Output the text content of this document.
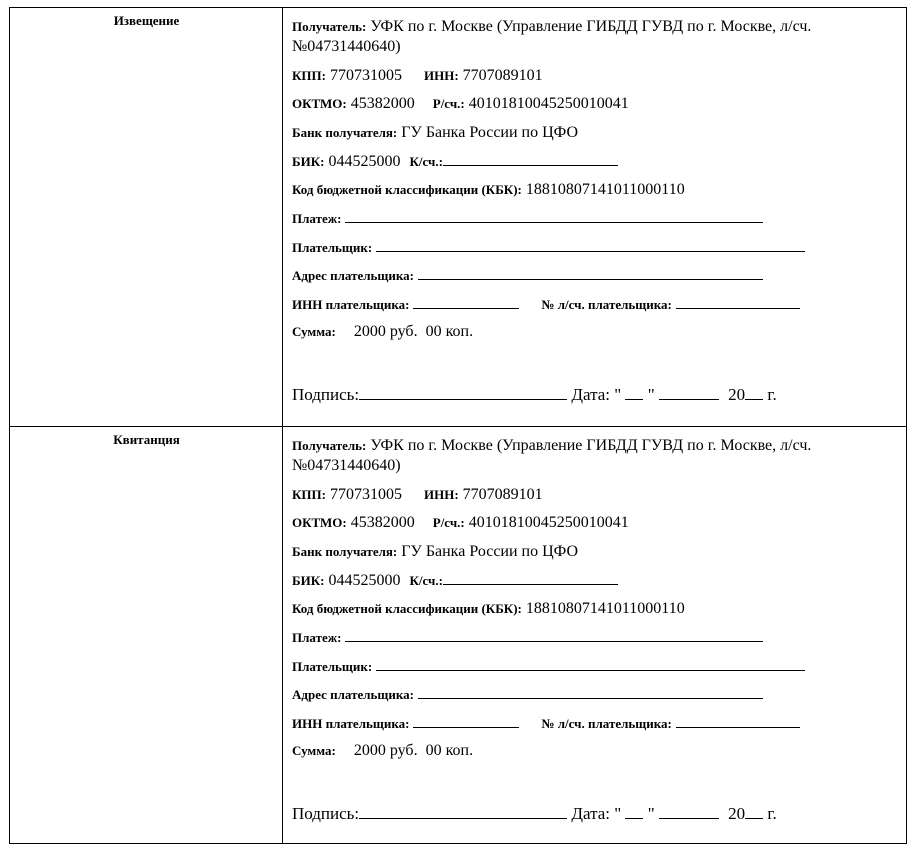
Извещение	Получатель: УФК по г. Москве (Управление ГИБДД ГУВД по г. Москве, л/сч.
№04731440640)
КПП: 770731005 ИНН: 7707089101
ОКТМО: 45382000 Р/сч.: 40101810045250010041
Банк получателя: ГУ Банка России по ЦФО
БИК: 044525000 К/сч.:
Код бюджетной классификации (КБК): 18810807141011000110
Платеж:
Плательщик:
Адрес плательщика:
ИНН плательщика:	№ л/сч. плательщика:
Сумма: 2000 руб.  00 коп.
Подпись:	Дата: " "	20 г.
Квитанция	Получатель: УФК по г. Москве (Управление ГИБДД ГУВД по г. Москве, л/сч.
№04731440640)
КПП: 770731005 ИНН: 7707089101
ОКТМО: 45382000 Р/сч.: 40101810045250010041
Банк получателя: ГУ Банка России по ЦФО
БИК: 044525000 К/сч.:
Код бюджетной классификации (КБК): 18810807141011000110
Платеж:
Плательщик:
Адрес плательщика:
ИНН плательщика:	№ л/сч. плательщика:
Сумма: 2000 руб.  00 коп.
Подпись:	Дата: " "	20 г.
